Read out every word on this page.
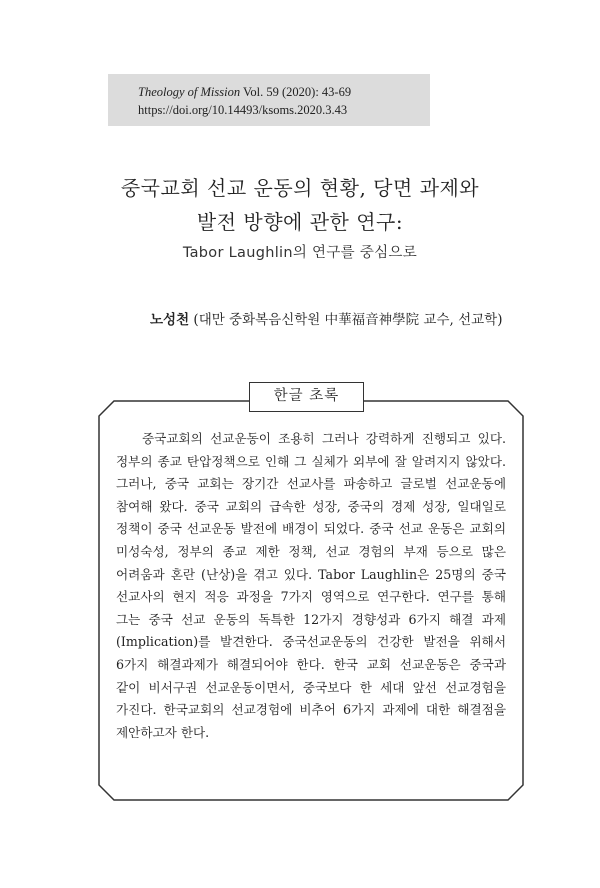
Theology of Mission Vol. 59 (2020): 43-69
https://doi.org/10.14493/ksoms.2020.3.43
중국교회 선교 운동의 현황, 당면 과제와
발전 방향에 관한 연구:
Tabor Laughlin의 연구를 중심으로
노성천 (대만 중화복음신학원 中華福音神學院 교수, 선교학)
한글 초록
중국교회의 선교운동이 조용히 그러나 강력하게 진행되고 있다.
정부의 종교 탄압정책으로 인해 그 실체가 외부에 잘 알려지지 않았다.
그러나, 중국 교회는 장기간 선교사를 파송하고 글로벌 선교운동에
참여해 왔다. 중국 교회의 급속한 성장, 중국의 경제 성장, 일대일로
정책이 중국 선교운동 발전에 배경이 되었다. 중국 선교 운동은 교회의
미성숙성, 정부의 종교 제한 정책, 선교 경험의 부재 등으로 많은
어려움과 혼란 (난상)을 겪고 있다. Tabor Laughlin은 25명의 중국
선교사의 현지 적응 과정을 7가지 영역으로 연구한다. 연구를 통해
그는 중국 선교 운동의 독특한 12가지 경향성과 6가지 해결 과제
(Implication)를 발견한다. 중국선교운동의 건강한 발전을 위해서
6가지 해결과제가 해결되어야 한다. 한국 교회 선교운동은 중국과
같이 비서구권 선교운동이면서, 중국보다 한 세대 앞선 선교경험을
가진다. 한국교회의 선교경험에 비추어 6가지 과제에 대한 해결점을
제안하고자 한다.
